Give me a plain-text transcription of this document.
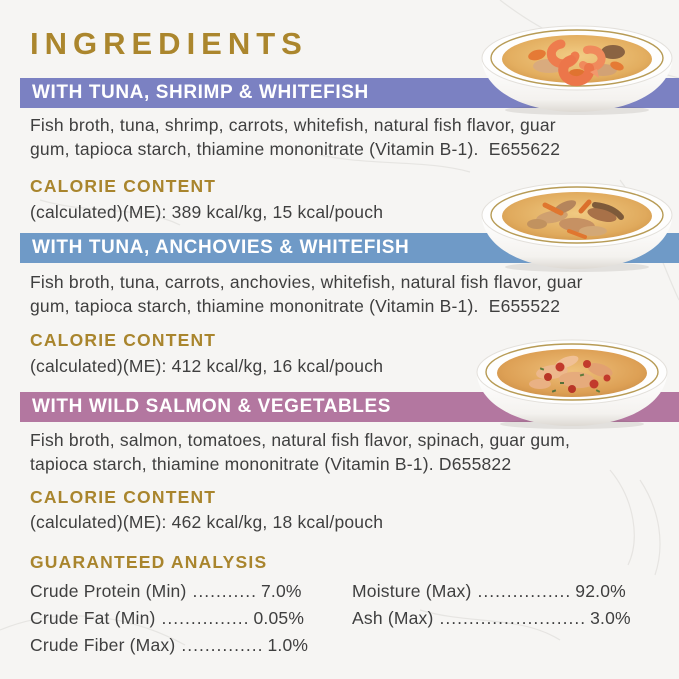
INGREDIENTS
WITH TUNA, SHRIMP & WHITEFISH
WITH TUNA, ANCHOVIES & WHITEFISH
WITH WILD SALMON & VEGETABLES
Fish broth, tuna, shrimp, carrots, whitefish, natural fish flavor, guar
gum, tapioca starch, thiamine mononitrate (Vitamin B-1).  E655622
CALORIE CONTENT
(calculated)(ME): 389 kcal/kg, 15 kcal/pouch
Fish broth, tuna, carrots, anchovies, whitefish, natural fish flavor, guar
gum, tapioca starch, thiamine mononitrate (Vitamin B-1).  E655522
CALORIE CONTENT
(calculated)(ME): 412 kcal/kg, 16 kcal/pouch
Fish broth, salmon, tomatoes, natural fish flavor, spinach, guar gum,
tapioca starch, thiamine mononitrate (Vitamin B-1). D655822
CALORIE CONTENT
(calculated)(ME): 462 kcal/kg, 18 kcal/pouch
GUARANTEED ANALYSIS
Crude Protein (Min) ........... 7.0%
Crude Fat (Min) ............... 0.05%
Crude Fiber (Max) .............. 1.0%
Moisture (Max) ................ 92.0%
Ash (Max) ......................... 3.0%
